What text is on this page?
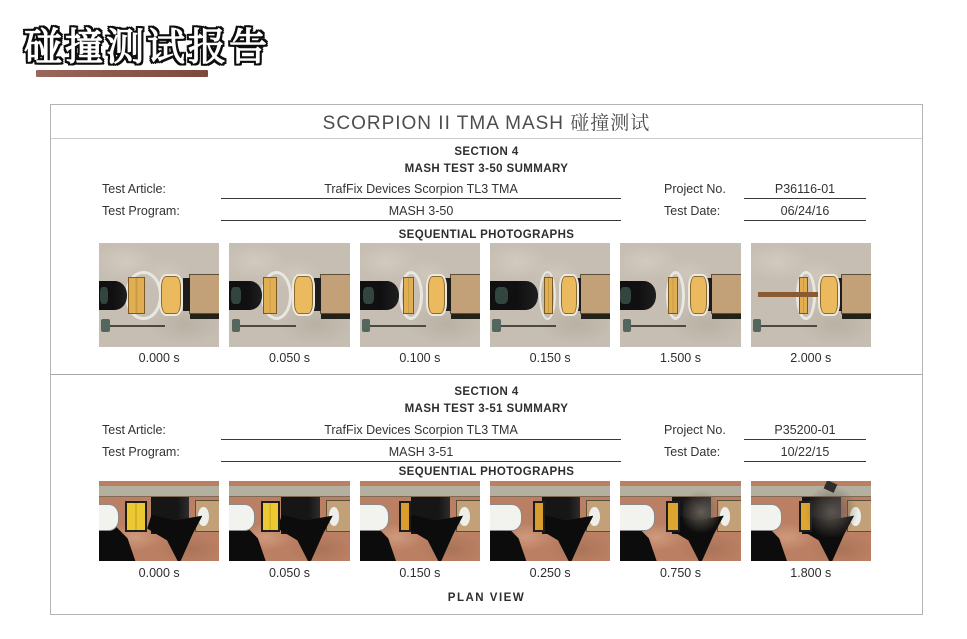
碰撞测试报告
SCORPION II TMA MASH 碰撞测试
SECTION 4
MASH TEST 3-50 SUMMARY
Test Article:	TrafFix Devices Scorpion TL3 TMA	Project No.	P36116-01
Test Program:	MASH 3-50	Test Date:	06/24/16
SEQUENTIAL PHOTOGRAPHS
0.000 s	0.050 s	0.100 s	0.150 s	1.500 s	2.000 s
SECTION 4
MASH TEST 3-51 SUMMARY
Test Article:	TrafFix Devices Scorpion TL3 TMA	Project No.	P35200-01
Test Program:	MASH 3-51	Test Date:	10/22/15
SEQUENTIAL PHOTOGRAPHS
0.000 s	0.050 s	0.150 s	0.250 s	0.750 s	1.800 s
PLAN VIEW
